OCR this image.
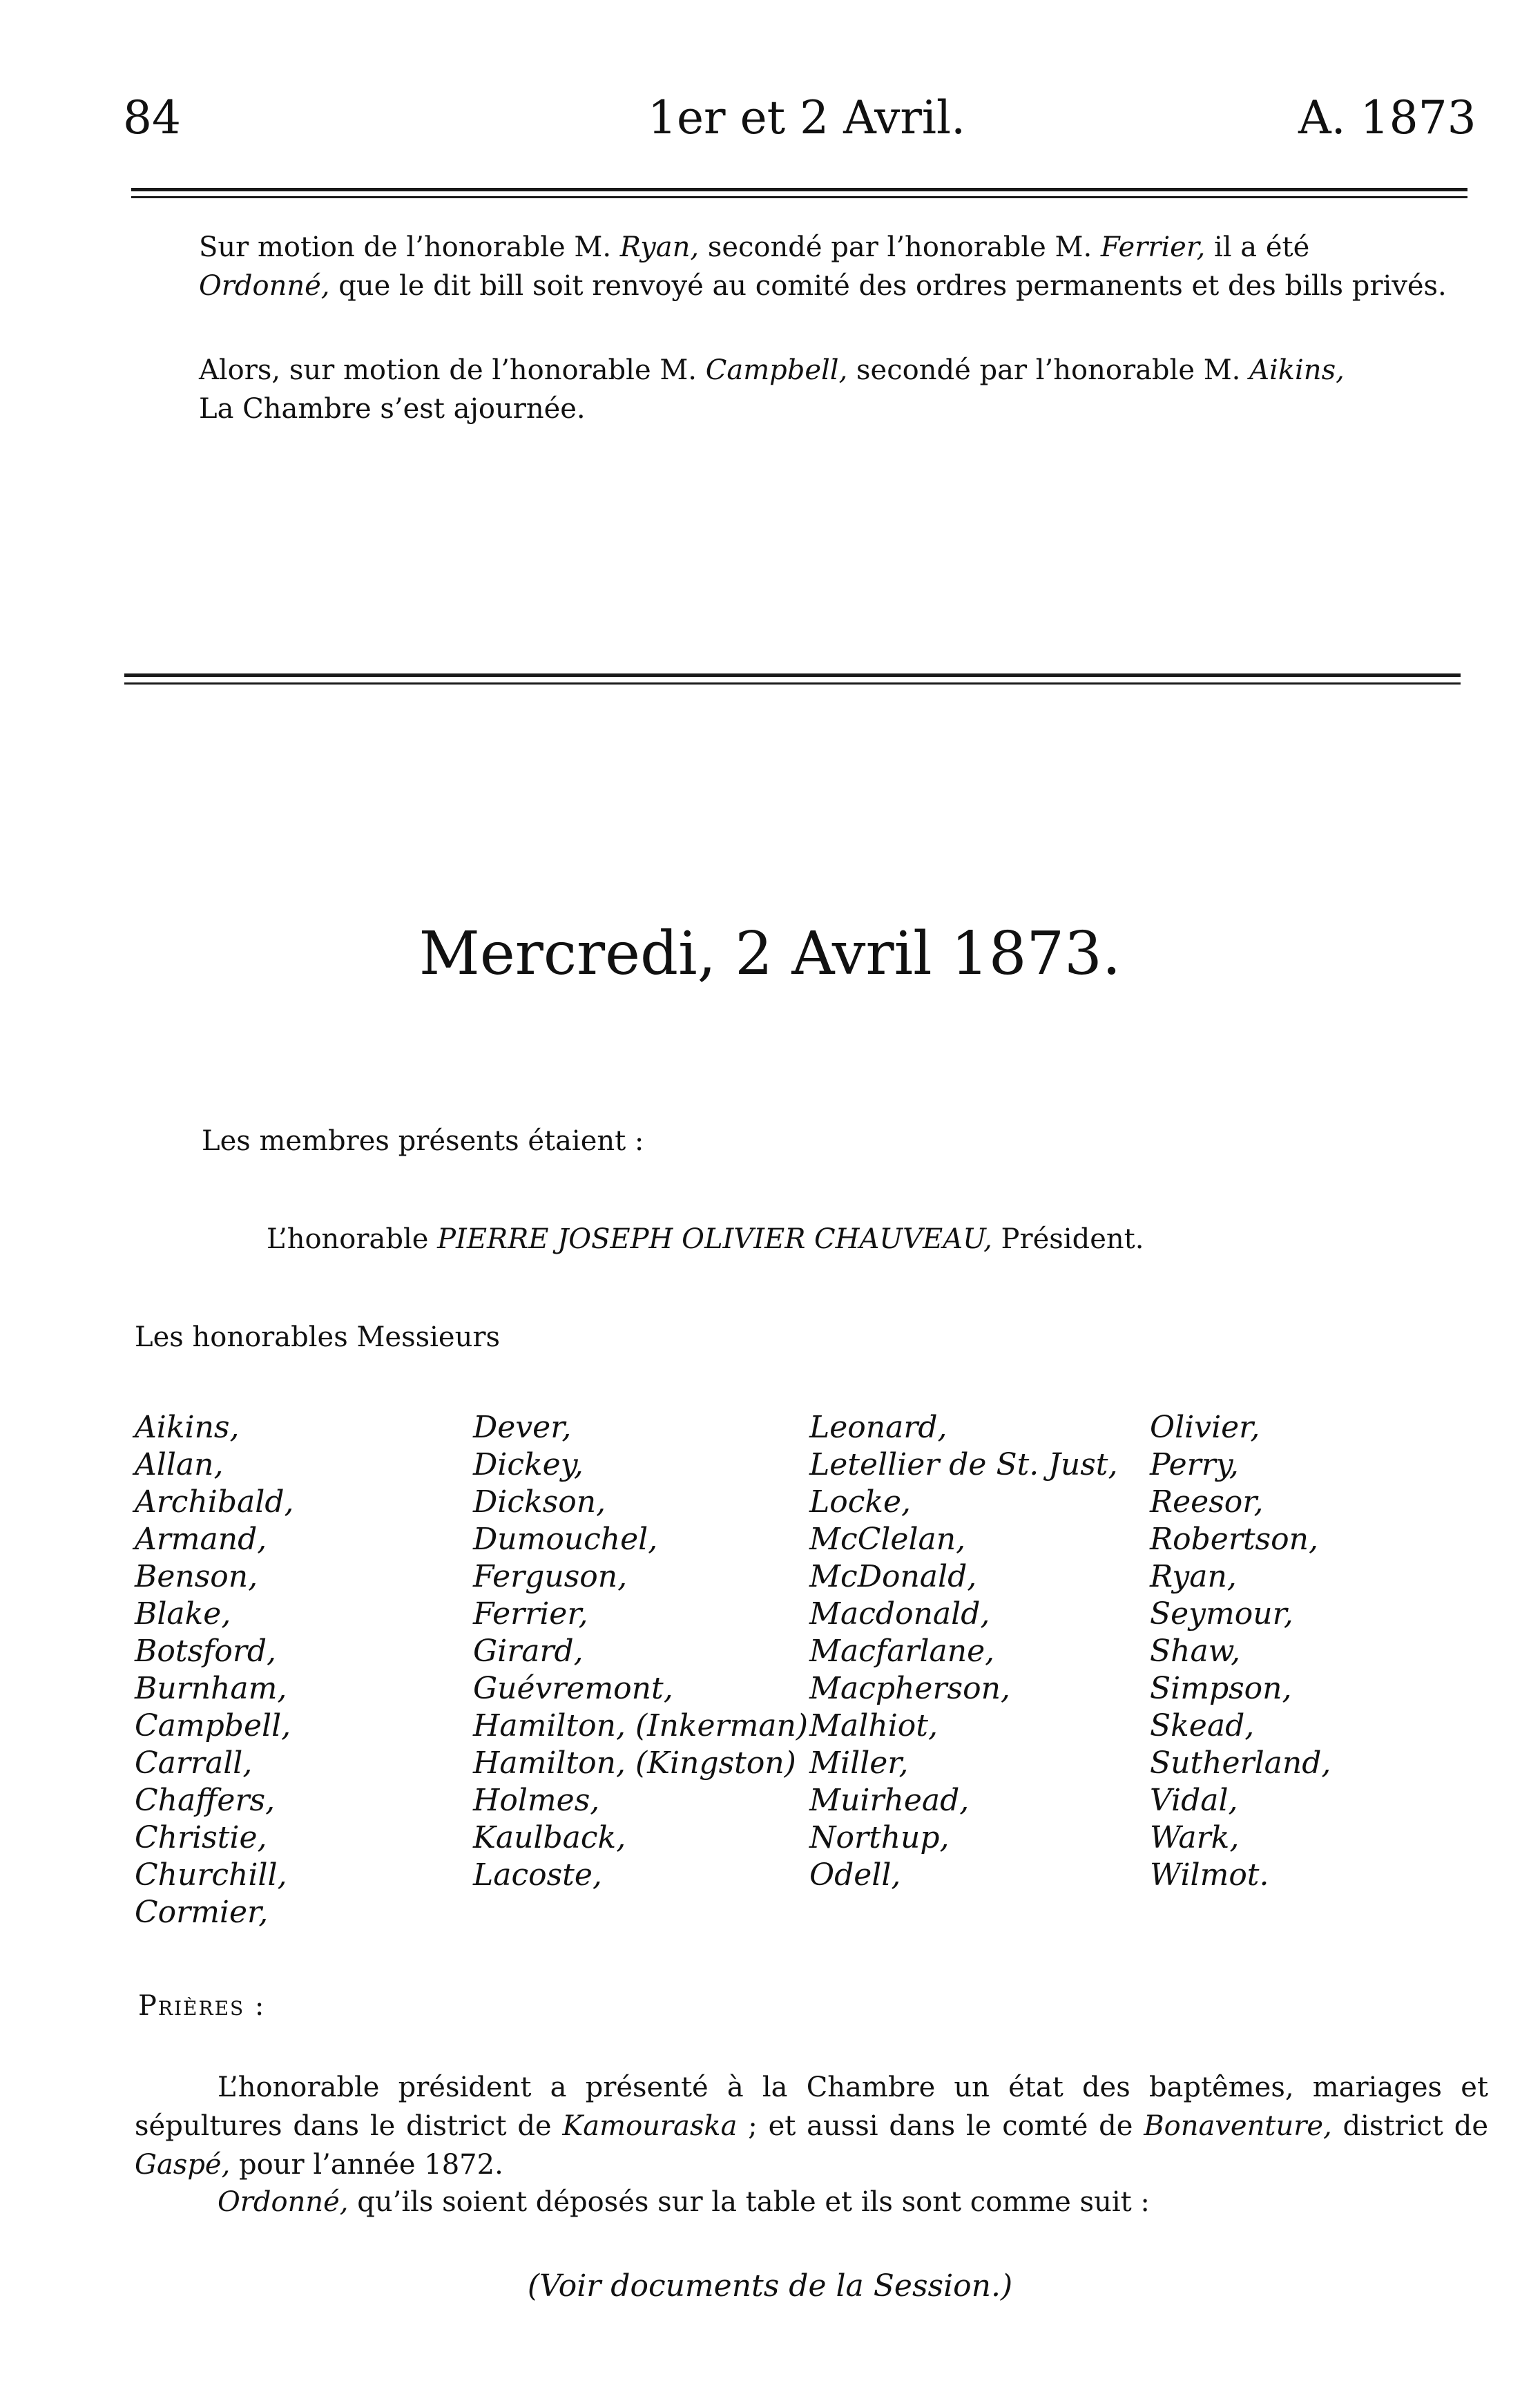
84	1er et 2 Avril.	A. 1873
Sur motion de l’honorable M. Ryan, secondé par l’honorable M. Ferrier, il a été
Ordonné, que le dit bill soit renvoyé au comité des ordres permanents et des bills privés.
Alors, sur motion de l’honorable M. Campbell, secondé par l’honorable M. Aikins,
La Chambre s’est ajournée.
Mercredi, 2 Avril 1873.
Les membres présents étaient :
L’honorable PIERRE JOSEPH OLIVIER CHAUVEAU, Président.
Les honorables Messieurs
Aikins,
Allan,
Archibald,
Armand,
Benson,
Blake,
Botsford,
Burnham,
Campbell,
Carrall,
Chaffers,
Christie,
Churchill,
Cormier,
Dever,
Dickey,
Dickson,
Dumouchel,
Ferguson,
Ferrier,
Girard,
Guévremont,
Hamilton, (Inkerman)
Hamilton, (Kingston)
Holmes,
Kaulback,
Lacoste,
Leonard,
Letellier de St. Just,
Locke,
McClelan,
McDonald,
Macdonald,
Macfarlane,
Macpherson,
Malhiot,
Miller,
Muirhead,
Northup,
Odell,
Olivier,
Perry,
Reesor,
Robertson,
Ryan,
Seymour,
Shaw,
Simpson,
Skead,
Sutherland,
Vidal,
Wark,
Wilmot.
Prières :
L’honorable président a présenté à la Chambre un état des baptêmes, mariages et sépultures dans le district de Kamouraska ; et aussi dans le comté de Bonaventure, district de Gaspé, pour l’année 1872.
Ordonné, qu’ils soient déposés sur la table et ils sont comme suit :
(Voir documents de la Session.)
